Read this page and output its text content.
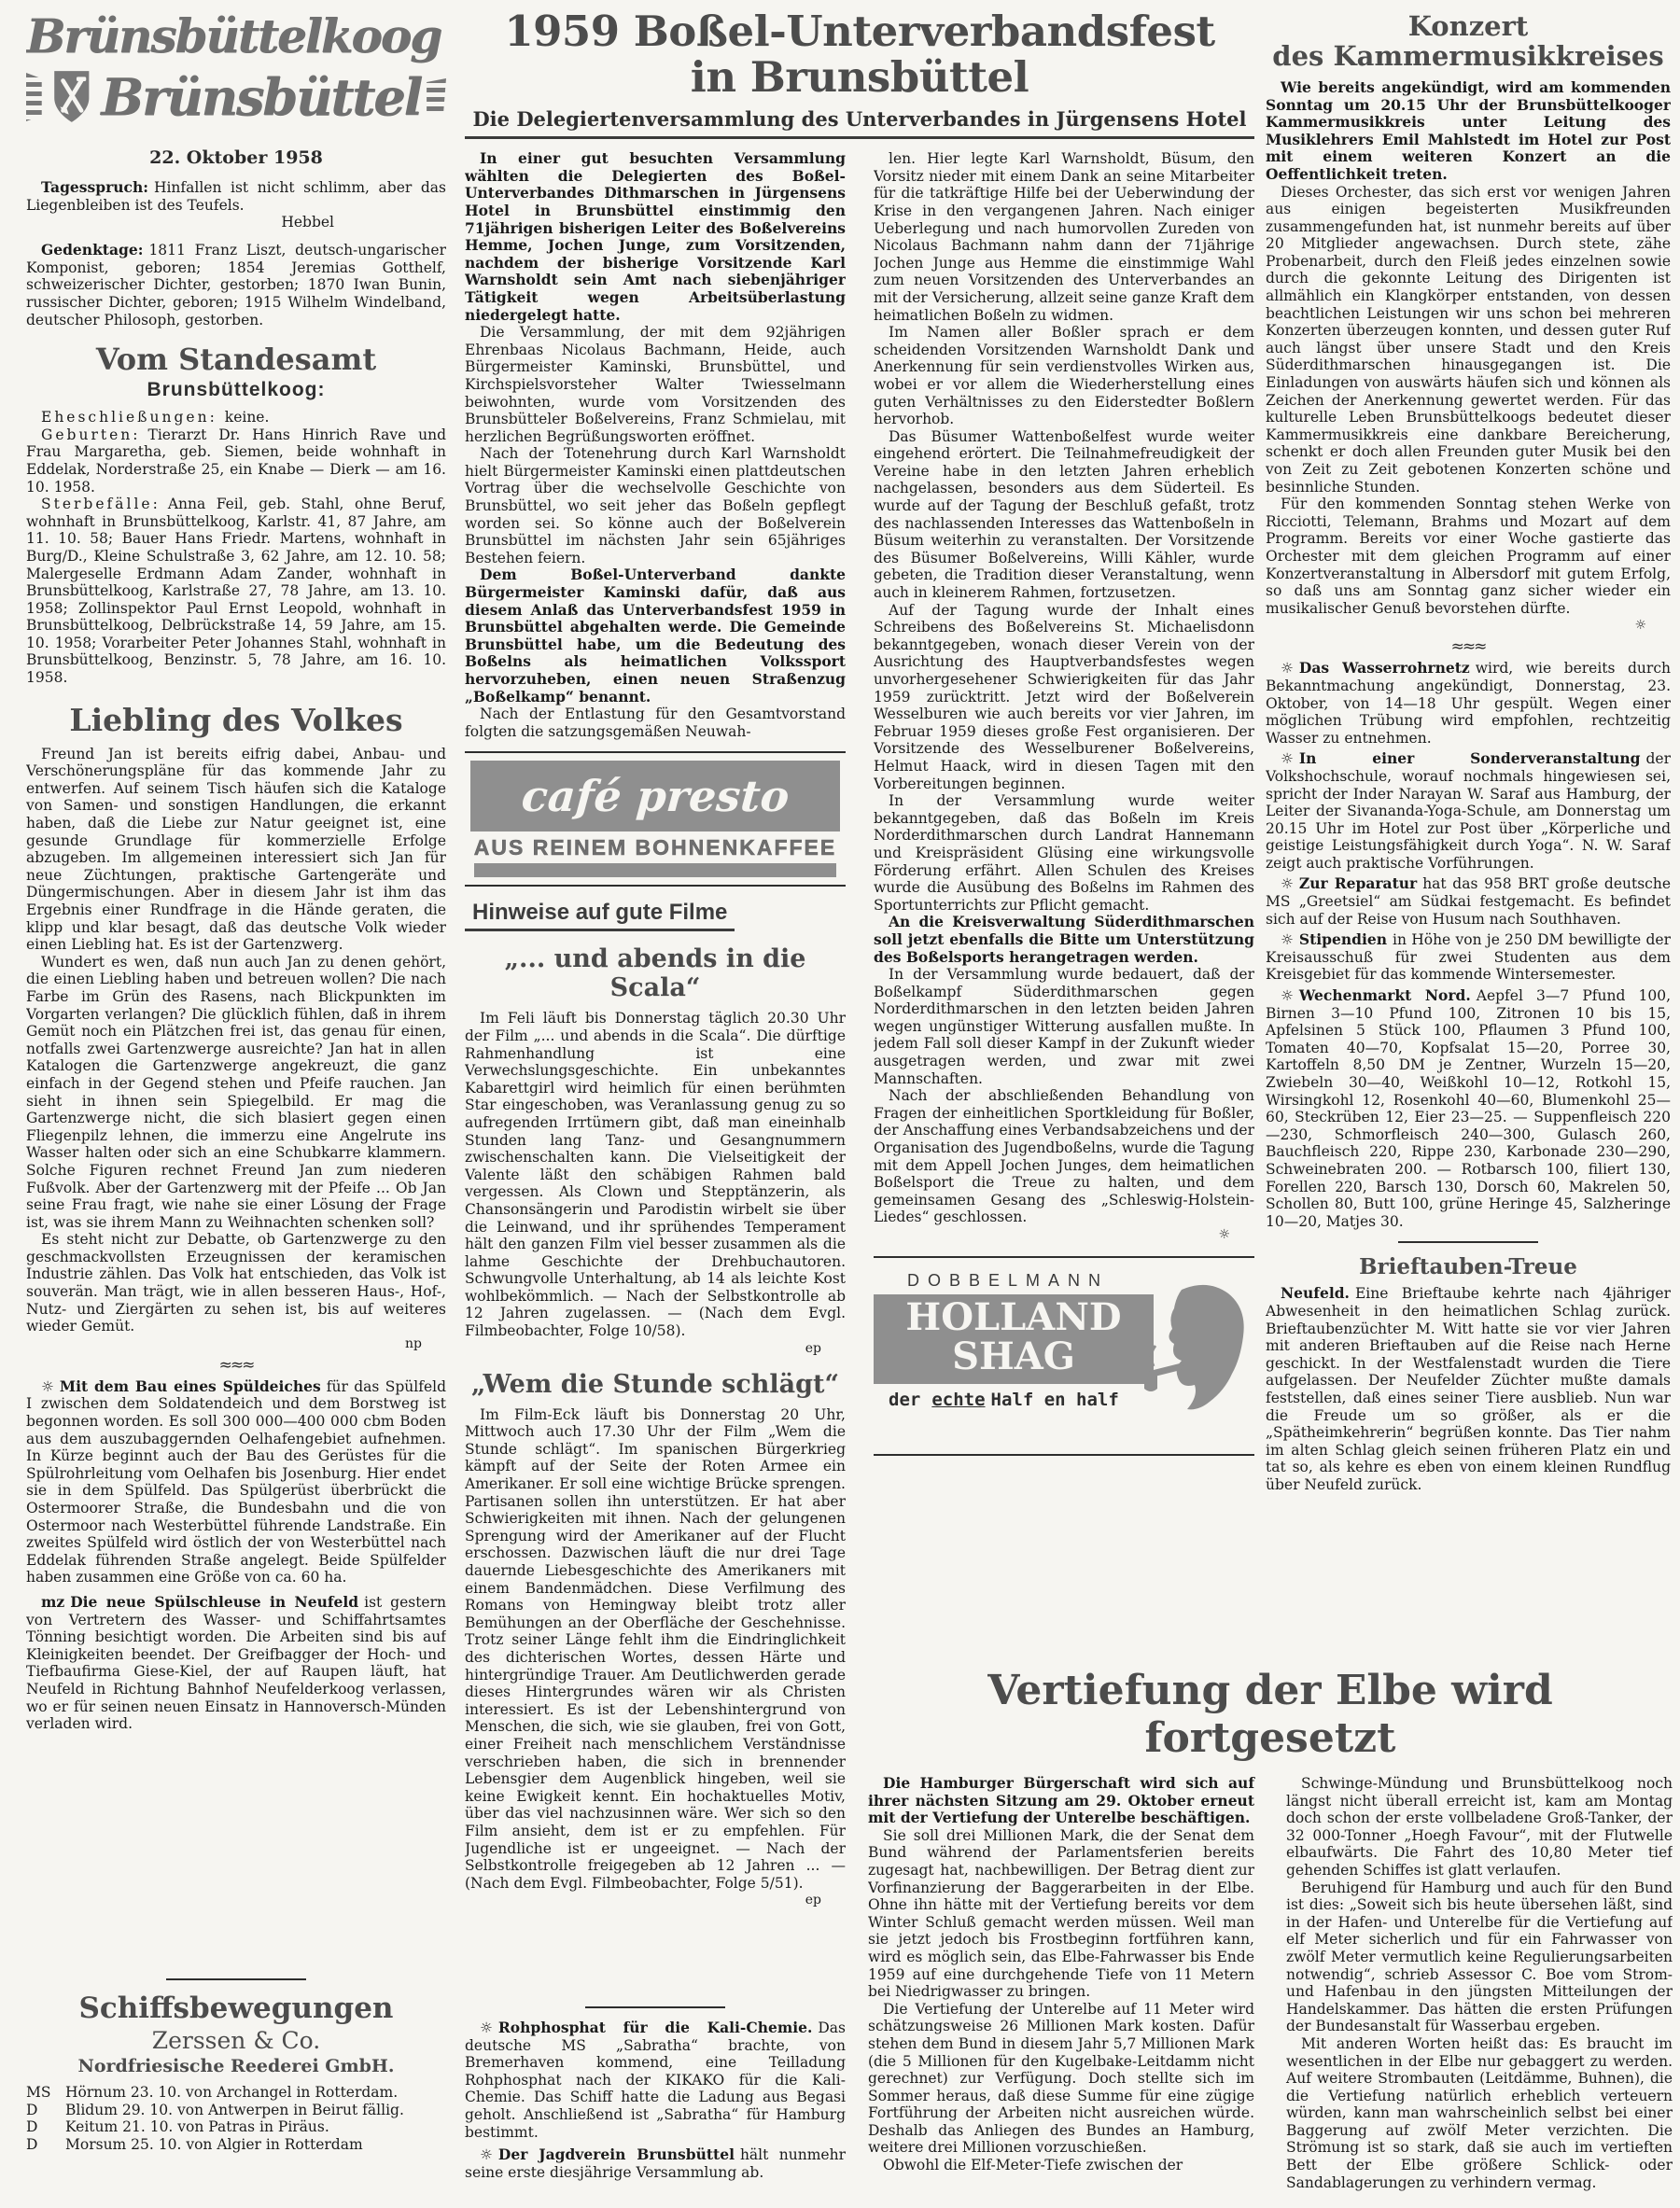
Brünsbüttelkoog
Brünsbüttel
22. Oktober 1958

Tagesspruch: Hinfallen ist nicht schlimm, aber das Liegenbleiben ist des Teufels.

Hebbel

Gedenktage: 1811 Franz Liszt, deutsch-ungarischer Komponist, geboren; 1854 Jeremias Gotthelf, schweizerischer Dichter, gestorben; 1870 Iwan Bunin, russischer Dichter, geboren; 1915 Wilhelm Windelband, deutscher Philosoph, gestorben.

Vom Standesamt
Brunsbüttelkoog:

Eheschließungen: keine.

Geburten: Tierarzt Dr. Hans Hinrich Rave und Frau Margaretha, geb. Siemen, beide wohnhaft in Eddelak, Norderstraße 25, ein Knabe — Dierk — am 16. 10. 1958.

Sterbefälle: Anna Feil, geb. Stahl, ohne Beruf, wohnhaft in Brunsbüttelkoog, Karlstr. 41, 87 Jahre, am 11. 10. 58; Bauer Hans Friedr. Martens, wohnhaft in Burg/D., Kleine Schulstraße 3, 62 Jahre, am 12. 10. 58; Malergeselle Erdmann Adam Zander, wohnhaft in Brunsbüttelkoog, Karlstraße 27, 78 Jahre, am 13. 10. 1958; Zollinspektor Paul Ernst Leopold, wohnhaft in Brunsbüttelkoog, Delbrückstraße 14, 59 Jahre, am 15. 10. 1958; Vorarbeiter Peter Johannes Stahl, wohnhaft in Brunsbüttelkoog, Benzinstr. 5, 78 Jahre, am 16. 10. 1958.

Liebling des Volkes

Freund Jan ist bereits eifrig dabei, Anbau- und Verschönerungspläne für das kommende Jahr zu entwerfen. Auf seinem Tisch häufen sich die Kataloge von Samen- und sonstigen Handlungen, die erkannt haben, daß die Liebe zur Natur geeignet ist, eine gesunde Grundlage für kommerzielle Erfolge abzugeben. Im allgemeinen interessiert sich Jan für neue Züchtungen, praktische Gartengeräte und Düngermischungen. Aber in diesem Jahr ist ihm das Ergebnis einer Rundfrage in die Hände geraten, die klipp und klar besagt, daß das deutsche Volk wieder einen Liebling hat. Es ist der Gartenzwerg.

Wundert es wen, daß nun auch Jan zu denen gehört, die einen Liebling haben und betreuen wollen? Die nach Farbe im Grün des Rasens, nach Blickpunkten im Vorgarten verlangen? Die glücklich fühlen, daß in ihrem Gemüt noch ein Plätzchen frei ist, das genau für einen, notfalls zwei Gartenzwerge ausreichte? Jan hat in allen Katalogen die Gartenzwerge angekreuzt, die ganz einfach in der Gegend stehen und Pfeife rauchen. Jan sieht in ihnen sein Spiegelbild. Er mag die Gartenzwerge nicht, die sich blasiert gegen einen Fliegenpilz lehnen, die immerzu eine Angelrute ins Wasser halten oder sich an eine Schubkarre klammern. Solche Figuren rechnet Freund Jan zum niederen Fußvolk. Aber der Gartenzwerg mit der Pfeife ... Ob Jan seine Frau fragt, wie nahe sie einer Lösung der Frage ist, was sie ihrem Mann zu Weihnachten schenken soll?

Es steht nicht zur Debatte, ob Gartenzwerge zu den geschmackvollsten Erzeugnissen der keramischen Industrie zählen. Das Volk hat entschieden, das Volk ist souverän. Man trägt, wie in allen besseren Haus-, Hof-, Nutz- und Ziergärten zu sehen ist, bis auf weiteres wieder Gemüt.

np

≈≈≈

☼ Mit dem Bau eines Spüldeiches für das Spülfeld I zwischen dem Soldatendeich und dem Borstweg ist begonnen worden. Es soll 300 000—400 000 cbm Boden aus dem auszubaggernden Oelhafengebiet aufnehmen. In Kürze beginnt auch der Bau des Gerüstes für die Spülrohrleitung vom Oelhafen bis Josenburg. Hier endet sie in dem Spülfeld. Das Spülgerüst überbrückt die Ostermoorer Straße, die Bundesbahn und die von Ostermoor nach Westerbüttel führende Landstraße. Ein zweites Spülfeld wird östlich der von Westerbüttel nach Eddelak führenden Straße angelegt. Beide Spülfelder haben zusammen eine Größe von ca. 60 ha.

mz Die neue Spülschleuse in Neufeld ist gestern von Vertretern des Wasser- und Schiffahrtsamtes Tönning besichtigt worden. Die Arbeiten sind bis auf Kleinigkeiten beendet. Der Greifbagger der Hoch- und Tiefbaufirma Giese-Kiel, der auf Raupen läuft, hat Neufeld in Richtung Bahnhof Neufelderkoog verlassen, wo er für seinen neuen Einsatz in Hannoversch-Münden verladen wird.

Schiffsbewegungen
Zerssen & Co.
Nordfriesische Reederei GmbH.
MS	Hörnum 23. 10. von Archangel in Rotterdam.
D	Blidum 29. 10. von Antwerpen in Beirut fällig.
D	Keitum 21. 10. von Patras in Piräus.
D	Morsum 25. 10. von Algier in Rotterdam
1959 Boßel-Unterverbandsfest
in Brunsbüttel
Die Delegiertenversammlung des Unterverbandes in Jürgensens Hotel

In einer gut besuchten Versammlung wählten die Delegierten des Boßel-Unterverbandes Dithmarschen in Jürgensens Hotel in Brunsbüttel einstimmig den 71jährigen bisherigen Leiter des Boßelvereins Hemme, Jochen Junge, zum Vorsitzenden, nachdem der bisherige Vorsitzende Karl Warnsholdt sein Amt nach siebenjähriger Tätigkeit wegen Arbeitsüberlastung niedergelegt hatte.

Die Versammlung, der mit dem 92jährigen Ehrenbaas Nicolaus Bachmann, Heide, auch Bürgermeister Kaminski, Brunsbüttel, und Kirchspielsvorsteher Walter Twiesselmann beiwohnten, wurde vom Vorsitzenden des Brunsbütteler Boßelvereins, Franz Schmielau, mit herzlichen Begrüßungsworten eröffnet.

Nach der Totenehrung durch Karl Warnsholdt hielt Bürgermeister Kaminski einen plattdeutschen Vortrag über die wechselvolle Geschichte von Brunsbüttel, wo seit jeher das Boßeln gepflegt worden sei. So könne auch der Boßelverein Brunsbüttel im nächsten Jahr sein 65jähriges Bestehen feiern.

Dem Boßel-Unterverband dankte Bürgermeister Kaminski dafür, daß aus diesem Anlaß das Unterverbandsfest 1959 in Brunsbüttel abgehalten werde. Die Gemeinde Brunsbüttel habe, um die Bedeutung des Boßelns als heimatlichen Volkssport hervorzuheben, einen neuen Straßenzug „Boßelkamp“ benannt.

Nach der Entlastung für den Gesamtvorstand folgten die satzungsgemäßen Neuwah-

café presto
AUS REINEM BOHNENKAFFEE
Hinweise auf gute Filme
„... und abends in die Scala“

Im Feli läuft bis Donnerstag täglich 20.30 Uhr der Film „... und abends in die Scala“. Die dürftige Rahmenhandlung ist eine Verwechslungsgeschichte. Ein unbekanntes Kabarettgirl wird heimlich für einen berühmten Star eingeschoben, was Veranlassung genug zu so aufregenden Irrtümern gibt, daß man eineinhalb Stunden lang Tanz- und Gesangnummern zwischenschalten kann. Die Vielseitigkeit der Valente läßt den schäbigen Rahmen bald vergessen. Als Clown und Stepptänzerin, als Chansonsängerin und Parodistin wirbelt sie über die Leinwand, und ihr sprühendes Temperament hält den ganzen Film viel besser zusammen als die lahme Geschichte der Drehbuchautoren. Schwungvolle Unterhaltung, ab 14 als leichte Kost wohlbekömmlich. — Nach der Selbstkontrolle ab 12 Jahren zugelassen. — (Nach dem Evgl. Filmbeobachter, Folge 10/58).

ep

„Wem die Stunde schlägt“

Im Film-Eck läuft bis Donnerstag 20 Uhr, Mittwoch auch 17.30 Uhr der Film „Wem die Stunde schlägt“. Im spanischen Bürgerkrieg kämpft auf der Seite der Roten Armee ein Amerikaner. Er soll eine wichtige Brücke sprengen. Partisanen sollen ihn unterstützen. Er hat aber Schwierigkeiten mit ihnen. Nach der gelungenen Sprengung wird der Amerikaner auf der Flucht erschossen. Dazwischen läuft die nur drei Tage dauernde Liebesgeschichte des Amerikaners mit einem Bandenmädchen. Diese Verfilmung des Romans von Hemingway bleibt trotz aller Bemühungen an der Oberfläche der Geschehnisse. Trotz seiner Länge fehlt ihm die Eindringlichkeit des dichterischen Wortes, dessen Härte und hintergründige Trauer. Am Deutlichwerden gerade dieses Hintergrundes wären wir als Christen interessiert. Es ist der Lebenshintergrund von Menschen, die sich, wie sie glauben, frei von Gott, einer Freiheit nach menschlichem Verständnisse verschrieben haben, die sich in brennender Lebensgier dem Augenblick hingeben, weil sie keine Ewigkeit kennt. Ein hochaktuelles Motiv, über das viel nachzusinnen wäre. Wer sich so den Film ansieht, dem ist er zu empfehlen. Für Jugendliche ist er ungeeignet. — Nach der Selbstkontrolle freigegeben ab 12 Jahren ... — (Nach dem Evgl. Filmbeobachter, Folge 5/51).

ep

len. Hier legte Karl Warnsholdt, Büsum, den Vorsitz nieder mit einem Dank an seine Mitarbeiter für die tatkräftige Hilfe bei der Ueberwindung der Krise in den vergangenen Jahren. Nach einiger Ueberlegung und nach humorvollen Zureden von Nicolaus Bachmann nahm dann der 71jährige Jochen Junge aus Hemme die einstimmige Wahl zum neuen Vorsitzenden des Unterverbandes an mit der Versicherung, allzeit seine ganze Kraft dem heimatlichen Boßeln zu widmen.

Im Namen aller Boßler sprach er dem scheidenden Vorsitzenden Warnsholdt Dank und Anerkennung für sein verdienstvolles Wirken aus, wobei er vor allem die Wiederherstellung eines guten Verhältnisses zu den Eiderstedter Boßlern hervorhob.

Das Büsumer Wattenboßelfest wurde weiter eingehend erörtert. Die Teilnahmefreudigkeit der Vereine habe in den letzten Jahren erheblich nachgelassen, besonders aus dem Süderteil. Es wurde auf der Tagung der Beschluß gefaßt, trotz des nachlassenden Interesses das Wattenboßeln in Büsum weiterhin zu veranstalten. Der Vorsitzende des Büsumer Boßelvereins, Willi Kähler, wurde gebeten, die Tradition dieser Veranstaltung, wenn auch in kleinerem Rahmen, fortzusetzen.

Auf der Tagung wurde der Inhalt eines Schreibens des Boßelvereins St. Michaelisdonn bekanntgegeben, wonach dieser Verein von der Ausrichtung des Hauptverbandsfestes wegen unvorhergesehener Schwierigkeiten für das Jahr 1959 zurücktritt. Jetzt wird der Boßelverein Wesselburen wie auch bereits vor vier Jahren, im Februar 1959 dieses große Fest organisieren. Der Vorsitzende des Wesselburener Boßelvereins, Helmut Haack, wird in diesen Tagen mit den Vorbereitungen beginnen.

In der Versammlung wurde weiter bekanntgegeben, daß das Boßeln im Kreis Norderdithmarschen durch Landrat Hannemann und Kreispräsident Glüsing eine wirkungsvolle Förderung erfährt. Allen Schulen des Kreises wurde die Ausübung des Boßelns im Rahmen des Sportunterrichts zur Pflicht gemacht.

An die Kreisverwaltung Süderdithmarschen soll jetzt ebenfalls die Bitte um Unterstützung des Boßelsports herangetragen werden.

In der Versammlung wurde bedauert, daß der Boßelkampf Süderdithmarschen gegen Norderdithmarschen in den letzten beiden Jahren wegen ungünstiger Witterung ausfallen mußte. In jedem Fall soll dieser Kampf in der Zukunft wieder ausgetragen werden, und zwar mit zwei Mannschaften.

Nach der abschließenden Behandlung von Fragen der einheitlichen Sportkleidung für Boßler, der Anschaffung eines Verbandsabzeichens und der Organisation des Jugendboßelns, wurde die Tagung mit dem Appell Jochen Junges, dem heimatlichen Boßelsport die Treue zu halten, und dem gemeinsamen Gesang des „Schleswig-Holstein-Liedes“ geschlossen.

☼

DOBBELMANN
HOLLAND
SHAG
der echte Half en half

☼ Rohphosphat für die Kali-Chemie. Das deutsche MS „Sabratha“ brachte, von Bremerhaven kommend, eine Teilladung Rohphosphat nach der KIKAKO für die Kali-Chemie. Das Schiff hatte die Ladung aus Begasi geholt. Anschließend ist „Sabratha“ für Hamburg bestimmt.

☼ Der Jagdverein Brunsbüttel hält nunmehr seine erste diesjährige Versammlung ab.

Konzert
des Kammermusikkreises

Wie bereits angekündigt, wird am kommenden Sonntag um 20.15 Uhr der Brunsbüttelkooger Kammermusikkreis unter Leitung des Musiklehrers Emil Mahlstedt im Hotel zur Post mit einem weiteren Konzert an die Oeffentlichkeit treten.

Dieses Orchester, das sich erst vor wenigen Jahren aus einigen begeisterten Musikfreunden zusammengefunden hat, ist nunmehr bereits auf über 20 Mitglieder angewachsen. Durch stete, zähe Probenarbeit, durch den Fleiß jedes einzelnen sowie durch die gekonnte Leitung des Dirigenten ist allmählich ein Klangkörper entstanden, von dessen beachtlichen Leistungen wir uns schon bei mehreren Konzerten überzeugen konnten, und dessen guter Ruf auch längst über unsere Stadt und den Kreis Süderdithmarschen hinausgegangen ist. Die Einladungen von auswärts häufen sich und können als Zeichen der Anerkennung gewertet werden. Für das kulturelle Leben Brunsbüttelkoogs bedeutet dieser Kammermusikkreis eine dankbare Bereicherung, schenkt er doch allen Freunden guter Musik bei den von Zeit zu Zeit gebotenen Konzerten schöne und besinnliche Stunden.

Für den kommenden Sonntag stehen Werke von Ricciotti, Telemann, Brahms und Mozart auf dem Programm. Bereits vor einer Woche gastierte das Orchester mit dem gleichen Programm auf einer Konzertveranstaltung in Albersdorf mit gutem Erfolg, so daß uns am Sonntag ganz sicher wieder ein musikalischer Genuß bevorstehen dürfte.

☼

≈≈≈

☼ Das Wasserrohrnetz wird, wie bereits durch Bekanntmachung angekündigt, Donnerstag, 23. Oktober, von 14—18 Uhr gespült. Wegen einer möglichen Trübung wird empfohlen, rechtzeitig Wasser zu entnehmen.

☼ In einer Sonderveranstaltung der Volkshochschule, worauf nochmals hingewiesen sei, spricht der Inder Narayan W. Saraf aus Hamburg, der Leiter der Sivananda-Yoga-Schule, am Donnerstag um 20.15 Uhr im Hotel zur Post über „Körperliche und geistige Leistungsfähigkeit durch Yoga“. N. W. Saraf zeigt auch praktische Vorführungen.

☼ Zur Reparatur hat das 958 BRT große deutsche MS „Greetsiel“ am Südkai festgemacht. Es befindet sich auf der Reise von Husum nach Southhaven.

☼ Stipendien in Höhe von je 250 DM bewilligte der Kreisausschuß für zwei Studenten aus dem Kreisgebiet für das kommende Wintersemester.

☼ Wechenmarkt Nord. Aepfel 3—7 Pfund 100, Birnen 3—10 Pfund 100, Zitronen 10 bis 15, Apfelsinen 5 Stück 100, Pflaumen 3 Pfund 100, Tomaten 40—70, Kopfsalat 15—20, Porree 30, Kartoffeln 8,50 DM je Zentner, Wurzeln 15—20, Zwiebeln 30—40, Weißkohl 10—12, Rotkohl 15, Wirsingkohl 12, Rosenkohl 40—60, Blumenkohl 25—60, Steckrüben 12, Eier 23—25. — Suppenfleisch 220—230, Schmorfleisch 240—300, Gulasch 260, Bauchfleisch 220, Rippe 230, Karbonade 230—290, Schweinebraten 200. — Rotbarsch 100, filiert 130, Forellen 220, Barsch 130, Dorsch 60, Makrelen 50, Schollen 80, Butt 100, grüne Heringe 45, Salzheringe 10—20, Matjes 30.

Brieftauben-Treue

Neufeld. Eine Brieftaube kehrte nach 4jähriger Abwesenheit in den heimatlichen Schlag zurück. Brieftaubenzüchter M. Witt hatte sie vor vier Jahren mit anderen Brieftauben auf die Reise nach Herne geschickt. In der Westfalenstadt wurden die Tiere aufgelassen. Der Neufelder Züchter mußte damals feststellen, daß eines seiner Tiere ausblieb. Nun war die Freude um so größer, als er die „Spätheimkehrerin“ begrüßen konnte. Das Tier nahm im alten Schlag gleich seinen früheren Platz ein und tat so, als kehre es eben von einem kleinen Rundflug über Neufeld zurück.

Vertiefung der Elbe wird fortgesetzt

Die Hamburger Bürgerschaft wird sich auf ihrer nächsten Sitzung am 29. Oktober erneut mit der Vertiefung der Unterelbe beschäftigen.

Sie soll drei Millionen Mark, die der Senat dem Bund während der Parlamentsferien bereits zugesagt hat, nachbewilligen. Der Betrag dient zur Vorfinanzierung der Baggerarbeiten in der Elbe. Ohne ihn hätte mit der Vertiefung bereits vor dem Winter Schluß gemacht werden müssen. Weil man sie jetzt jedoch bis Frostbeginn fortführen kann, wird es möglich sein, das Elbe-Fahrwasser bis Ende 1959 auf eine durchgehende Tiefe von 11 Metern bei Niedrigwasser zu bringen.

Die Vertiefung der Unterelbe auf 11 Meter wird schätzungsweise 26 Millionen Mark kosten. Dafür stehen dem Bund in diesem Jahr 5,7 Millionen Mark (die 5 Millionen für den Kugelbake-Leitdamm nicht gerechnet) zur Verfügung. Doch stellte sich im Sommer heraus, daß diese Summe für eine zügige Fortführung der Arbeiten nicht ausreichen würde. Deshalb das Anliegen des Bundes an Hamburg, weitere drei Millionen vorzuschießen.

Obwohl die Elf-Meter-Tiefe zwischen der

Schwinge-Mündung und Brunsbüttelkoog noch längst nicht überall erreicht ist, kam am Montag doch schon der erste vollbeladene Groß-Tanker, der 32 000-Tonner „Hoegh Favour“, mit der Flutwelle elbaufwärts. Die Fahrt des 10,80 Meter tief gehenden Schiffes ist glatt verlaufen.

Beruhigend für Hamburg und auch für den Bund ist dies: „Soweit sich bis heute übersehen läßt, sind in der Hafen- und Unterelbe für die Vertiefung auf elf Meter sicherlich und für ein Fahrwasser von zwölf Meter vermutlich keine Regulierungsarbeiten notwendig“, schrieb Assessor C. Boe vom Strom- und Hafenbau in den jüngsten Mitteilungen der Handelskammer. Das hätten die ersten Prüfungen der Bundesanstalt für Wasserbau ergeben.

Mit anderen Worten heißt das: Es braucht im wesentlichen in der Elbe nur gebaggert zu werden. Auf weitere Strombauten (Leitdämme, Buhnen), die die Vertiefung natürlich erheblich verteuern würden, kann man wahrscheinlich selbst bei einer Baggerung auf zwölf Meter verzichten. Die Strömung ist so stark, daß sie auch im vertieften Bett der Elbe größere Schlick- oder Sandablagerungen zu verhindern vermag.
